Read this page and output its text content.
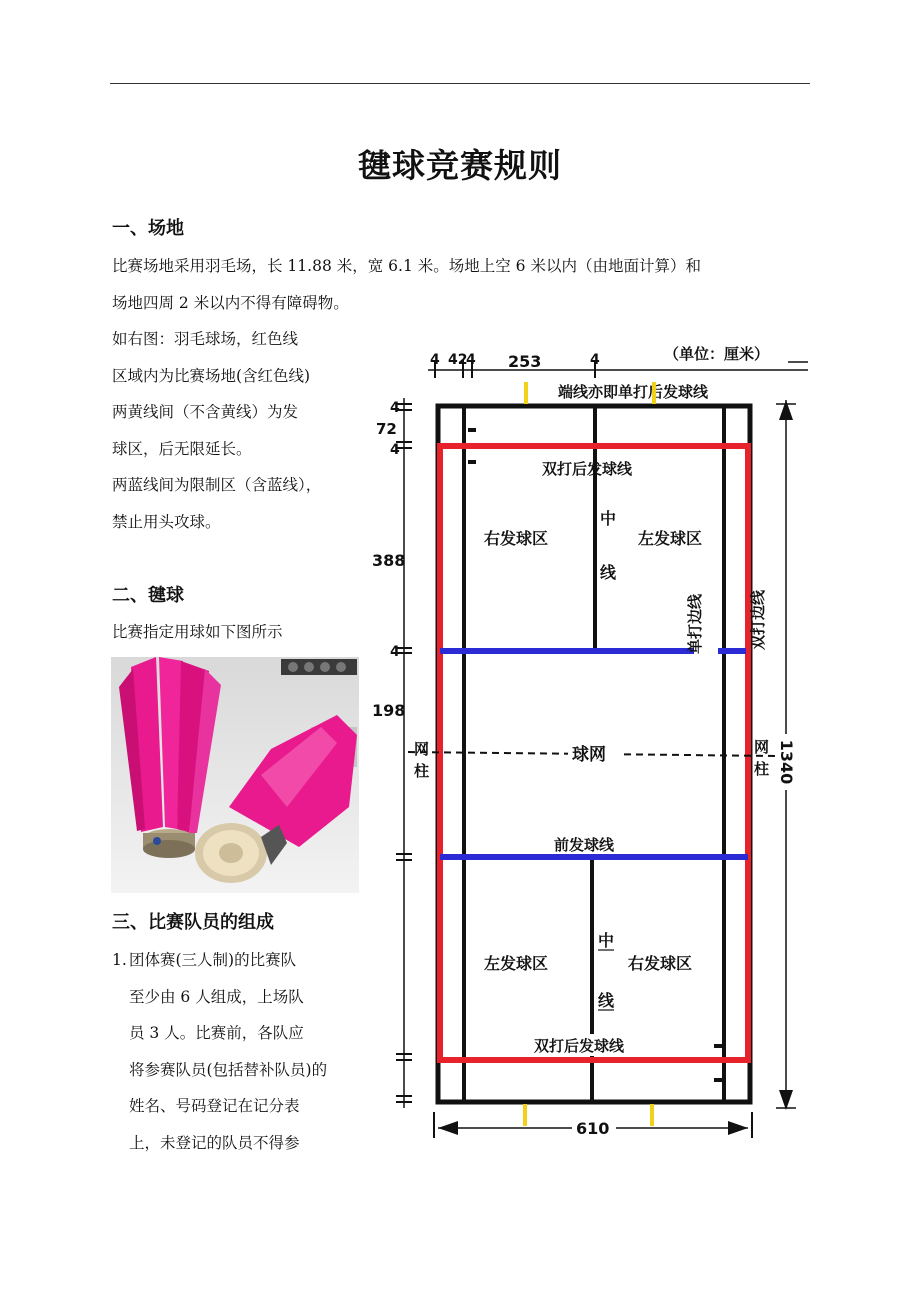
毽球竞赛规则
一、场地
比赛场地采用羽毛场，长 11.88 米，宽 6.1 米。场地上空 6 米以内（由地面计算）和
场地四周 2 米以内不得有障碍物。
如右图：羽毛球场，红色线
区域内为比赛场地(含红色线)
两黄线间（不含黄线）为发
球区，后无限延长。
两蓝线间为限制区（含蓝线），
禁止用头攻球。
二、毽球
比赛指定用球如下图所示
三、比赛队员的组成
1. 团体赛(三人制)的比赛队
至少由 6 人组成，上场队
员 3 人。比赛前，各队应
将参赛队员(包括替补队员)的
姓名、号码登记在记分表
上，未登记的队员不得参
4 42
4 253	4	（单位：厘米）
端线亦即单打后发球线
4
72
4
388
4
198
1340
球网
网
柱
网
柱
双打后发球线
右发球区	左发球区
中
线
单打边线	双打边线
前发球线
左发球区	右发球区
中
线
双打后发球线
610
